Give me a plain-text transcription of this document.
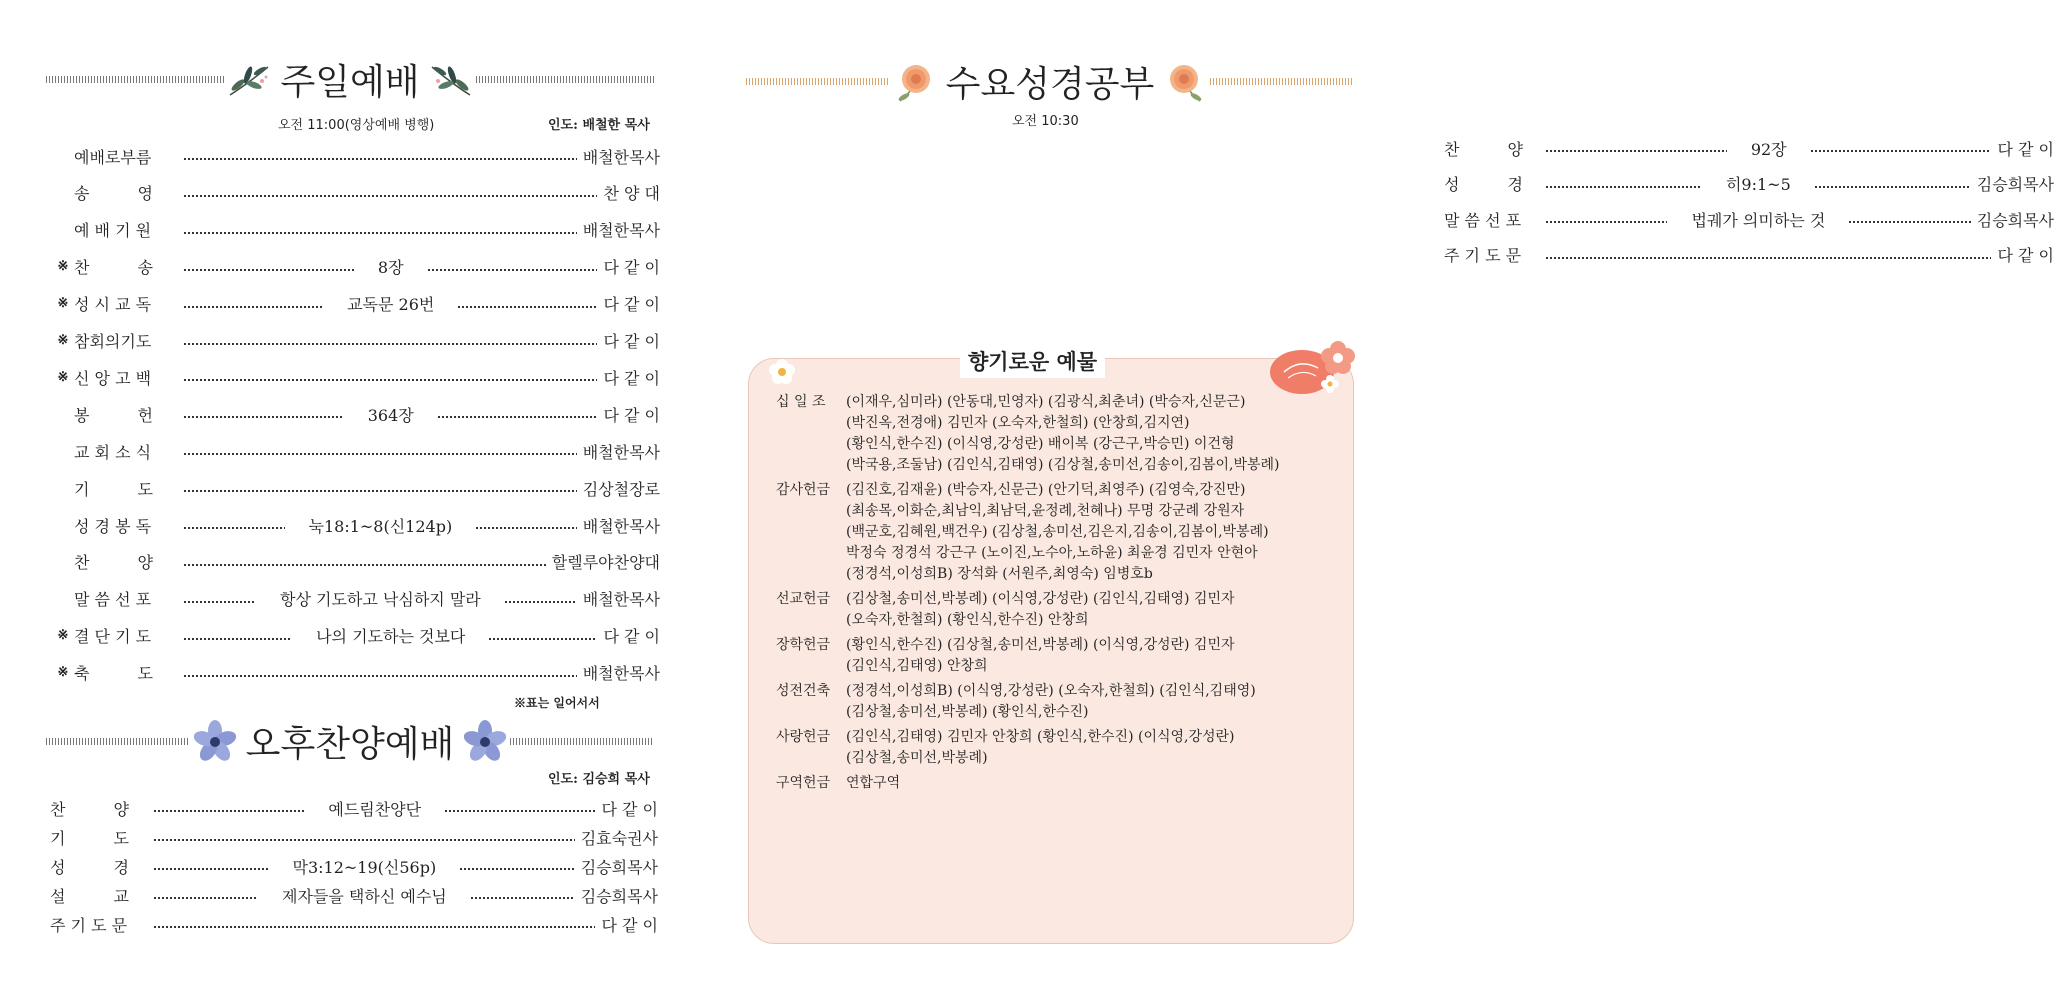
주일예배
오전 11:00(영상예배 병행)	인도: 배철한 목사
예배로부름	배철한목사
송　　　영	찬 양 대
예 배 기 원	배철한목사
※ 찬　　　송	8장	다 같 이
※ 성 시 교 독	교독문 26번	다 같 이
※ 참회의기도	다 같 이
※ 신 앙 고 백	다 같 이
봉　　　헌	364장	다 같 이
교 회 소 식	배철한목사
기　　　도	김상철장로
성 경 봉 독	눅18:1~8(신124p)	배철한목사
찬　　　양	할렐루야찬양대
말 씀 선 포	항상 기도하고 낙심하지 말라	배철한목사
※ 결 단 기 도	나의 기도하는 것보다	다 같 이
※ 축　　　도	배철한목사
※표는 일어서서
오후찬양예배
인도: 김승희 목사
찬　　　양	예드림찬양단	다 같 이
기　　　도	김효숙권사
성　　　경	막3:12~19(신56p)	김승희목사
설　　　교	제자들을 택하신 예수님	김승희목사
주 기 도 문	다 같 이
수요성경공부
오전 10:30
찬　　　양	92장	다 같 이
성　　　경	히9:1~5	김승희목사
말 씀 선 포	법궤가 의미하는 것	김승희목사
주 기 도 문	다 같 이
향기로운 예물
십 일 조	(이재우,심미라) (안동대,민영자) (김광식,최춘녀) (박승자,신문근)
(박진옥,전경애) 김민자 (오숙자,한철희) (안창희,김지연)
(황인식,한수진) (이식영,강성란) 배이복 (강근구,박승민) 이건형
(박국용,조둘남) (김인식,김태영) (김상철,송미선,김송이,김봄이,박봉례)
감사헌금	(김진호,김재윤) (박승자,신문근) (안기덕,최영주) (김영숙,강진만)
(최송목,이화순,최남익,최남덕,윤정례,천혜나) 무명 강군례 강원자
(백군호,김혜원,백건우) (김상철,송미선,김은지,김송이,김봄이,박봉례)
박정숙 정경석 강근구 (노이진,노수아,노하윤) 최윤경 김민자 안현아
(정경석,이성희B) 장석화 (서원주,최영숙) 임병호b
선교헌금	(김상철,송미선,박봉례) (이식영,강성란) (김인식,김태영) 김민자
(오숙자,한철희) (황인식,한수진) 안창희
장학헌금	(황인식,한수진) (김상철,송미선,박봉례) (이식영,강성란) 김민자
(김인식,김태영) 안창희
성전건축	(정경석,이성희B) (이식영,강성란) (오숙자,한철희) (김인식,김태영)
(김상철,송미선,박봉례) (황인식,한수진)
사랑헌금	(김인식,김태영) 김민자 안창희 (황인식,한수진) (이식영,강성란)
(김상철,송미선,박봉례)
구역헌금	연합구역
